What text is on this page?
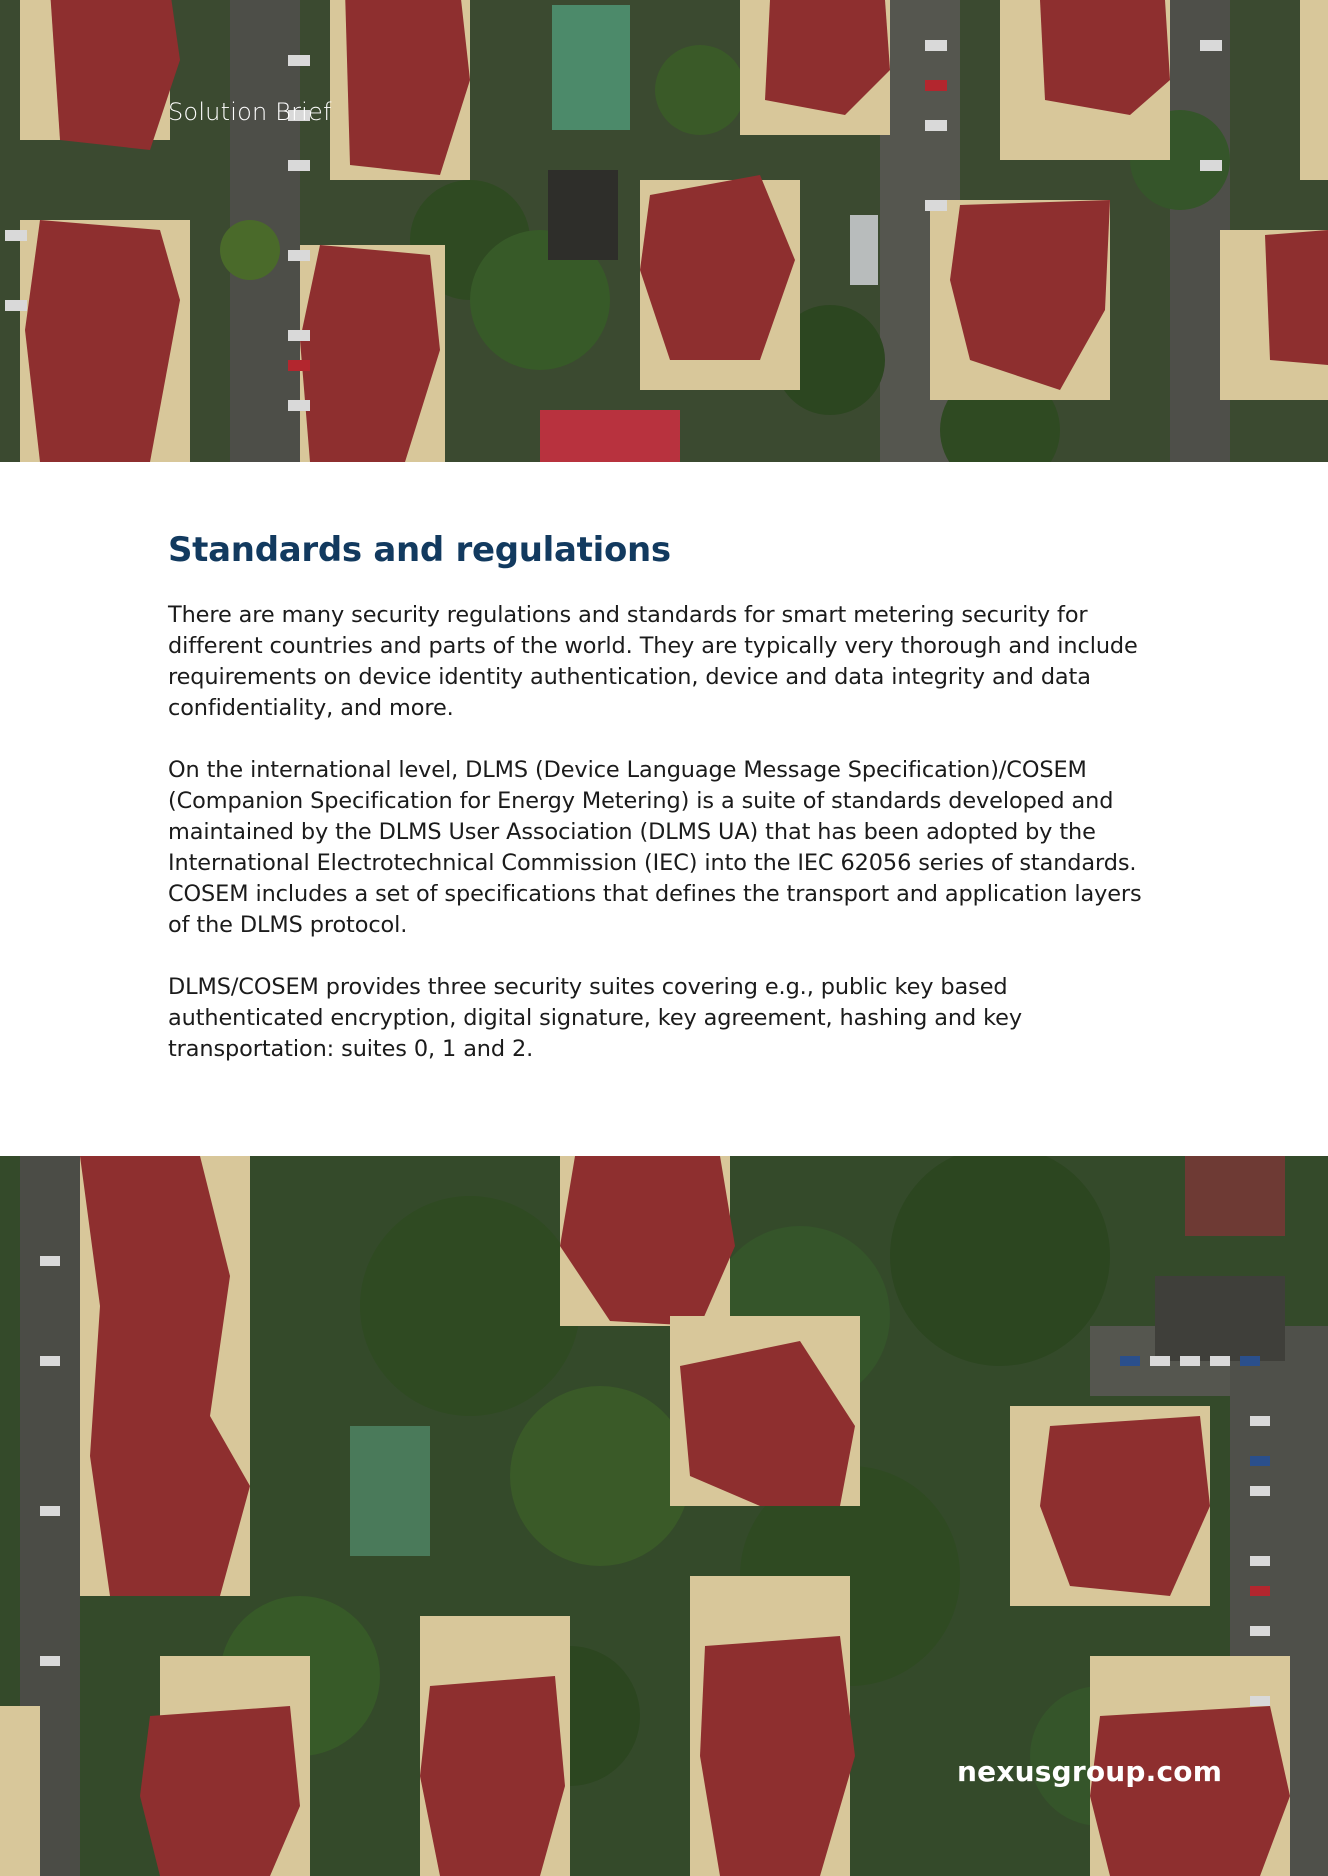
Solution Brief
Standards and regulations

There are many security regulations and standards for smart metering security for different countries and parts of the world. They are typically very thorough and include requirements on device identity authentication, device and data integrity and data confidentiality, and more.

On the international level, DLMS (Device Language Message Specification)/COSEM (Companion Specification for Energy Metering) is a suite of standards developed and maintained by the DLMS User Association (DLMS UA) that has been adopted by the International Electrotechnical Commission (IEC) into the IEC 62056 series of standards. COSEM includes a set of specifications that defines the transport and application layers of the DLMS protocol.

DLMS/COSEM provides three security suites covering e.g., public key based authenticated encryption, digital signature, key agreement, hashing and key transportation: suites 0, 1 and 2.

nexusgroup.com
